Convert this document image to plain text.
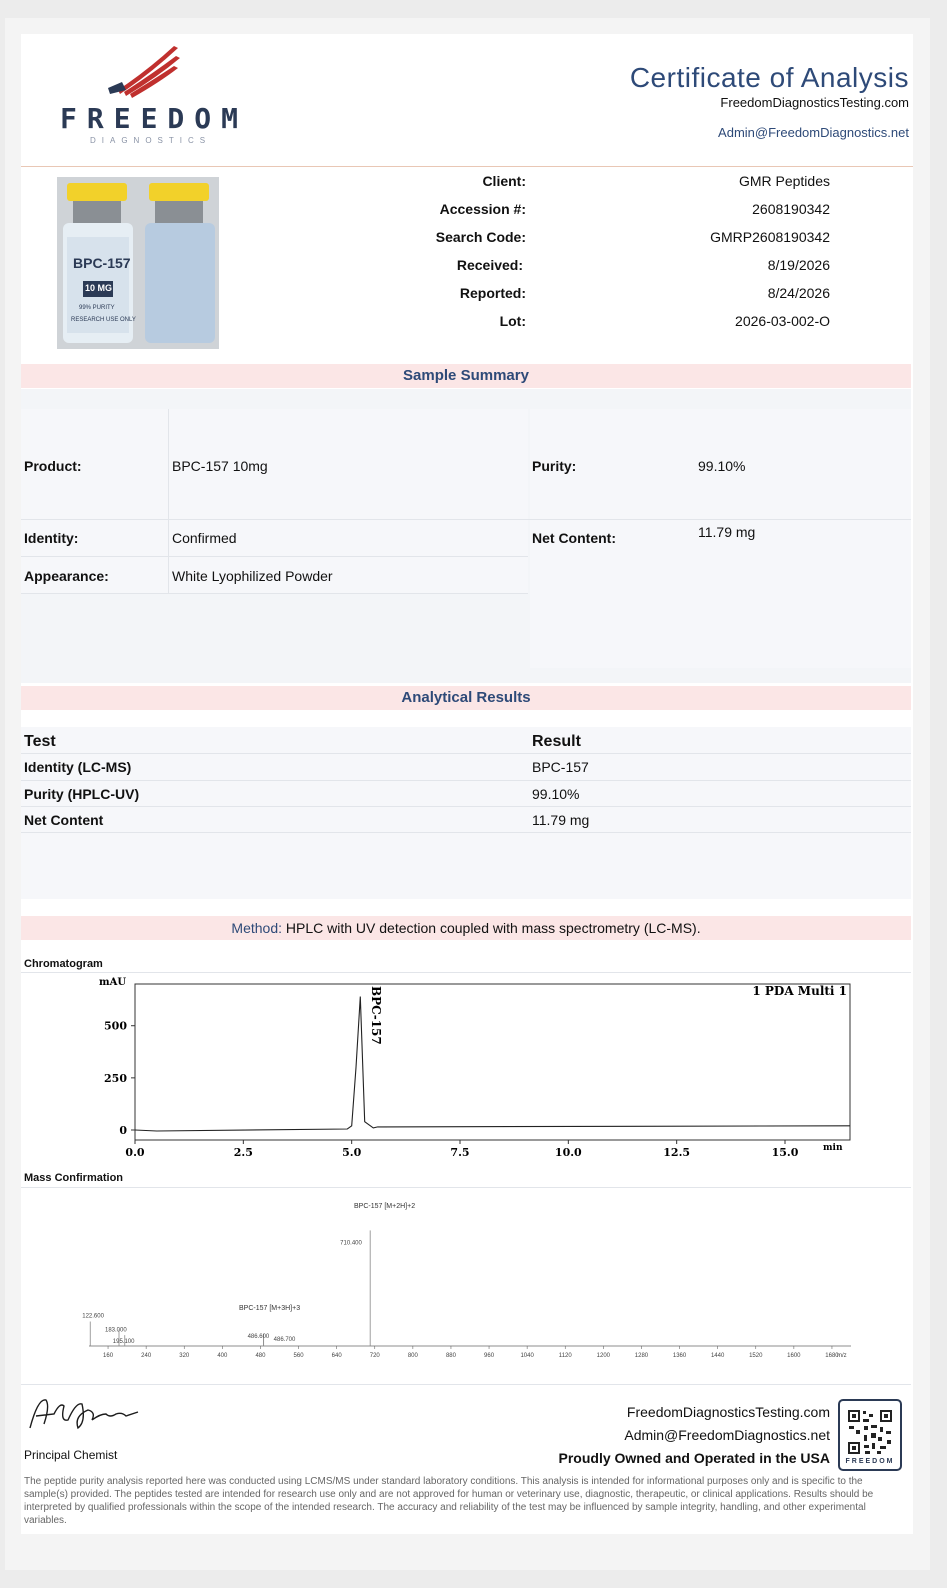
FREEDOM
DIAGNOSTICS
Certificate of Analysis
FreedomDiagnosticsTesting.com
Admin@FreedomDiagnostics.net
BPC-157
10 MG
99% PURITY
RESEARCH USE ONLY
Client:	GMR Peptides
Accession #:	2608190342
Search Code:	GMRP2608190342
Received:	8/19/2026
Reported:	8/24/2026
Lot:	2026-03-002-O
Sample Summary
Product:	BPC-157 10mg	Purity:	99.10%
Identity:	Confirmed	Net Content:	11.79 mg
Appearance:	White Lyophilized Powder
Analytical Results
Test	Result
Identity (LC-MS)	BPC-157
Purity (HPLC-UV)	99.10%
Net Content	11.79 mg
Method: HPLC with UV detection coupled with mass spectrometry (LC-MS).
Chromatogram
mAU
min
1 PDA Multi 1
0
250
500
0.0	2.5	5.0	7.5	10.0	12.5	15.0
BPC-157
Mass Confirmation
m/z
BPC-157 [M+2H]+2
BPC-157 [M+3H]+3
160	240	320	400	480	560	640	720	800	880	960	1040	1120	1200	1280	1360	1440	1520	1600	1680
122.600
183.000
195.100
486.600
486.700
710.400
Principal Chemist
FreedomDiagnosticsTesting.com
Admin@FreedomDiagnostics.net
Proudly Owned and Operated in the USA	FREEDOM
The peptide purity analysis reported here was conducted using LCMS/MS under standard laboratory conditions. This analysis is intended for informational purposes only and is specific to the sample(s) provided. The peptides tested are intended for research use only and are not approved for human or veterinary use, diagnostic, therapeutic, or clinical applications. Results should be interpreted by qualified professionals within the scope of the intended research. The accuracy and reliability of the test may be influenced by sample integrity, handling, and other experimental variables.
